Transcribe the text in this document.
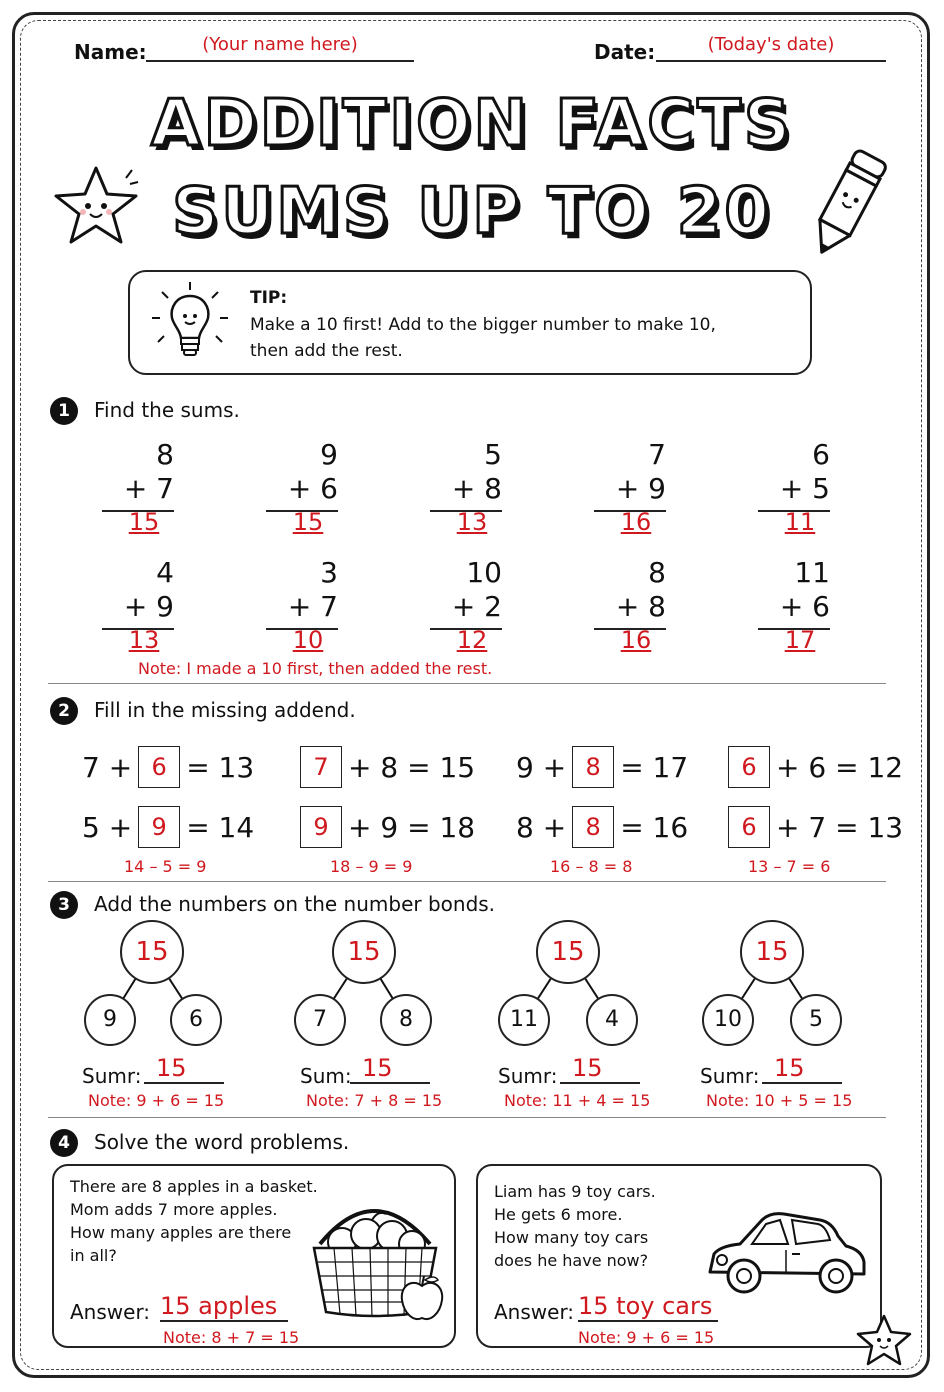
Name:	(Your name here)	Date:	(Today's date)
ADDITION FACTS
SUMS UP TO 20
TIP:
Make a 10 first! Add to the bigger number to make 10,
then add the rest.
1	Find the sums.
8
+ 7
15
9
+ 6
15
5
+ 8
13
7
+ 9
16
6
+ 5
11
4
+ 9
13
3
+ 7
10
10
+ 2
12
8
+ 8
16
11
+ 6
17
Note: I made a 10 first, then added the rest.
2	Fill in the missing addend.
7 + 6 = 13	7 + 8 = 15 9 + 8 = 17	6 + 6 = 12
5 + 9 = 14	9 + 9 = 18 8 + 8 = 16	6 + 7 = 13
14 – 5 = 9	18 – 9 = 9	16 – 8 = 8	13 – 7 = 6
3	Add the numbers on the number bonds.
15
9	6
Sumr: 15
Note: 9 + 6 = 15
15
7	8
Sum: 15
Note: 7 + 8 = 15
15
11	4
Sumr: 15
Note: 11 + 4 = 15
15
10	5
Sumr: 15
Note: 10 + 5 = 15
4	Solve the word problems.
There are 8 apples in a basket.
Mom adds 7 more apples.
How many apples are there
in all?
Answer: 15 apples
Note: 8 + 7 = 15
Liam has 9 toy cars.
He gets 6 more.
How many toy cars
does he have now?
Answer: 15 toy cars
Note: 9 + 6 = 15
